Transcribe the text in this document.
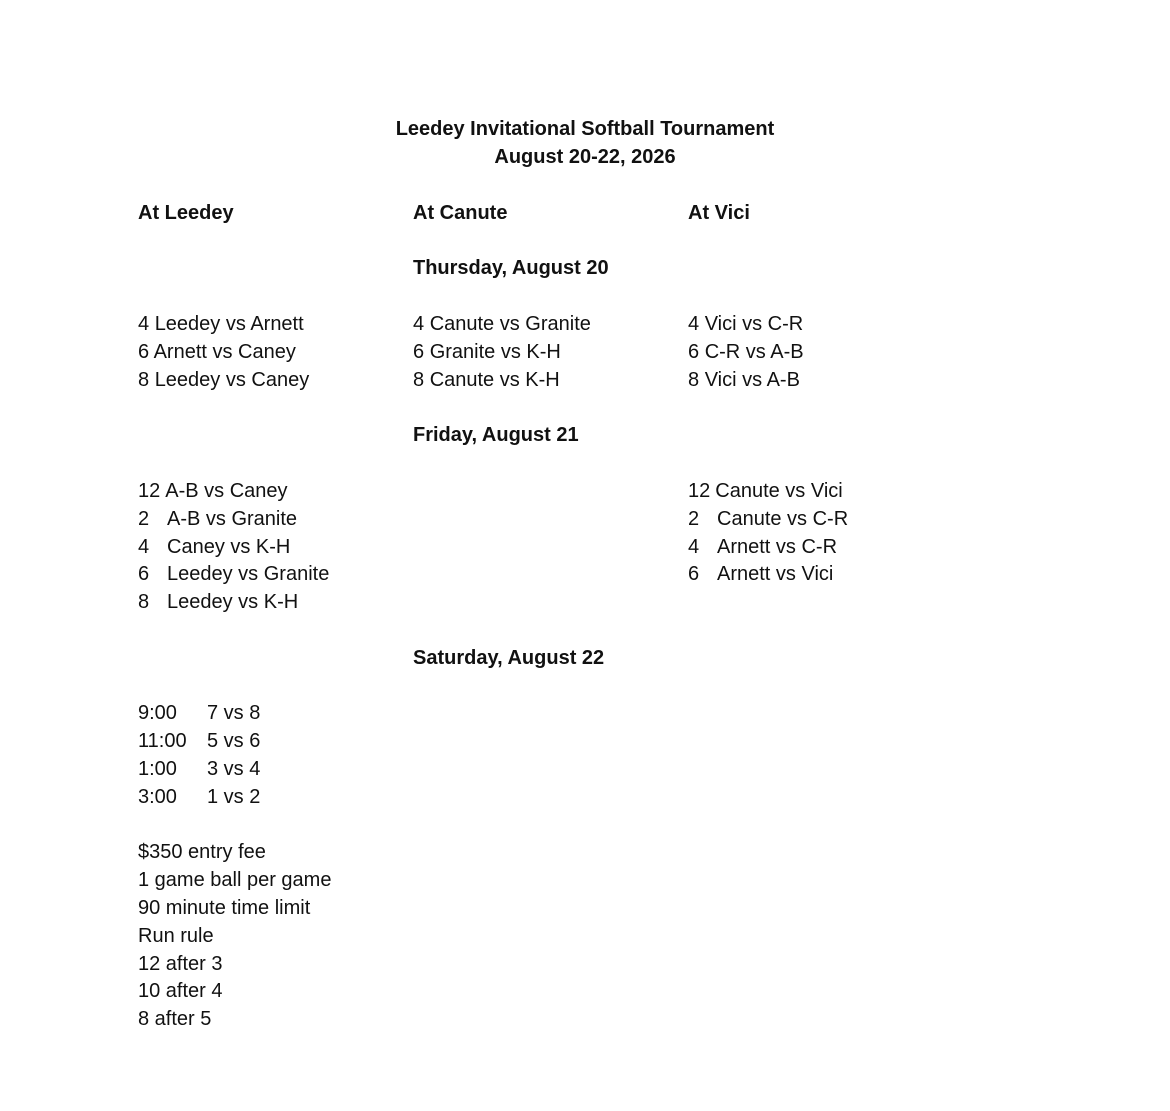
Leedey Invitational Softball Tournament
August 20-22, 2026
At Leedey	At Canute	At Vici
Thursday, August 20
4 Leedey vs Arnett
6 Arnett vs Caney
8 Leedey vs Caney
4 Canute vs Granite
6 Granite vs K-H
8 Canute vs K-H
4 Vici vs C-R
6 C-R vs A-B
8 Vici vs A-B
Friday, August 21
12 A-B vs Caney
2 A-B vs Granite
4 Caney vs K-H
6 Leedey vs Granite
8 Leedey vs K-H
12 Canute vs Vici
2 Canute vs C-R
4 Arnett vs C-R
6 Arnett vs Vici
Saturday, August 22
9:00 7 vs 8
11:00 5 vs 6
1:00 3 vs 4
3:00 1 vs 2
$350 entry fee
1 game ball per game
90 minute time limit
Run rule
12 after 3
10 after 4
8 after 5
